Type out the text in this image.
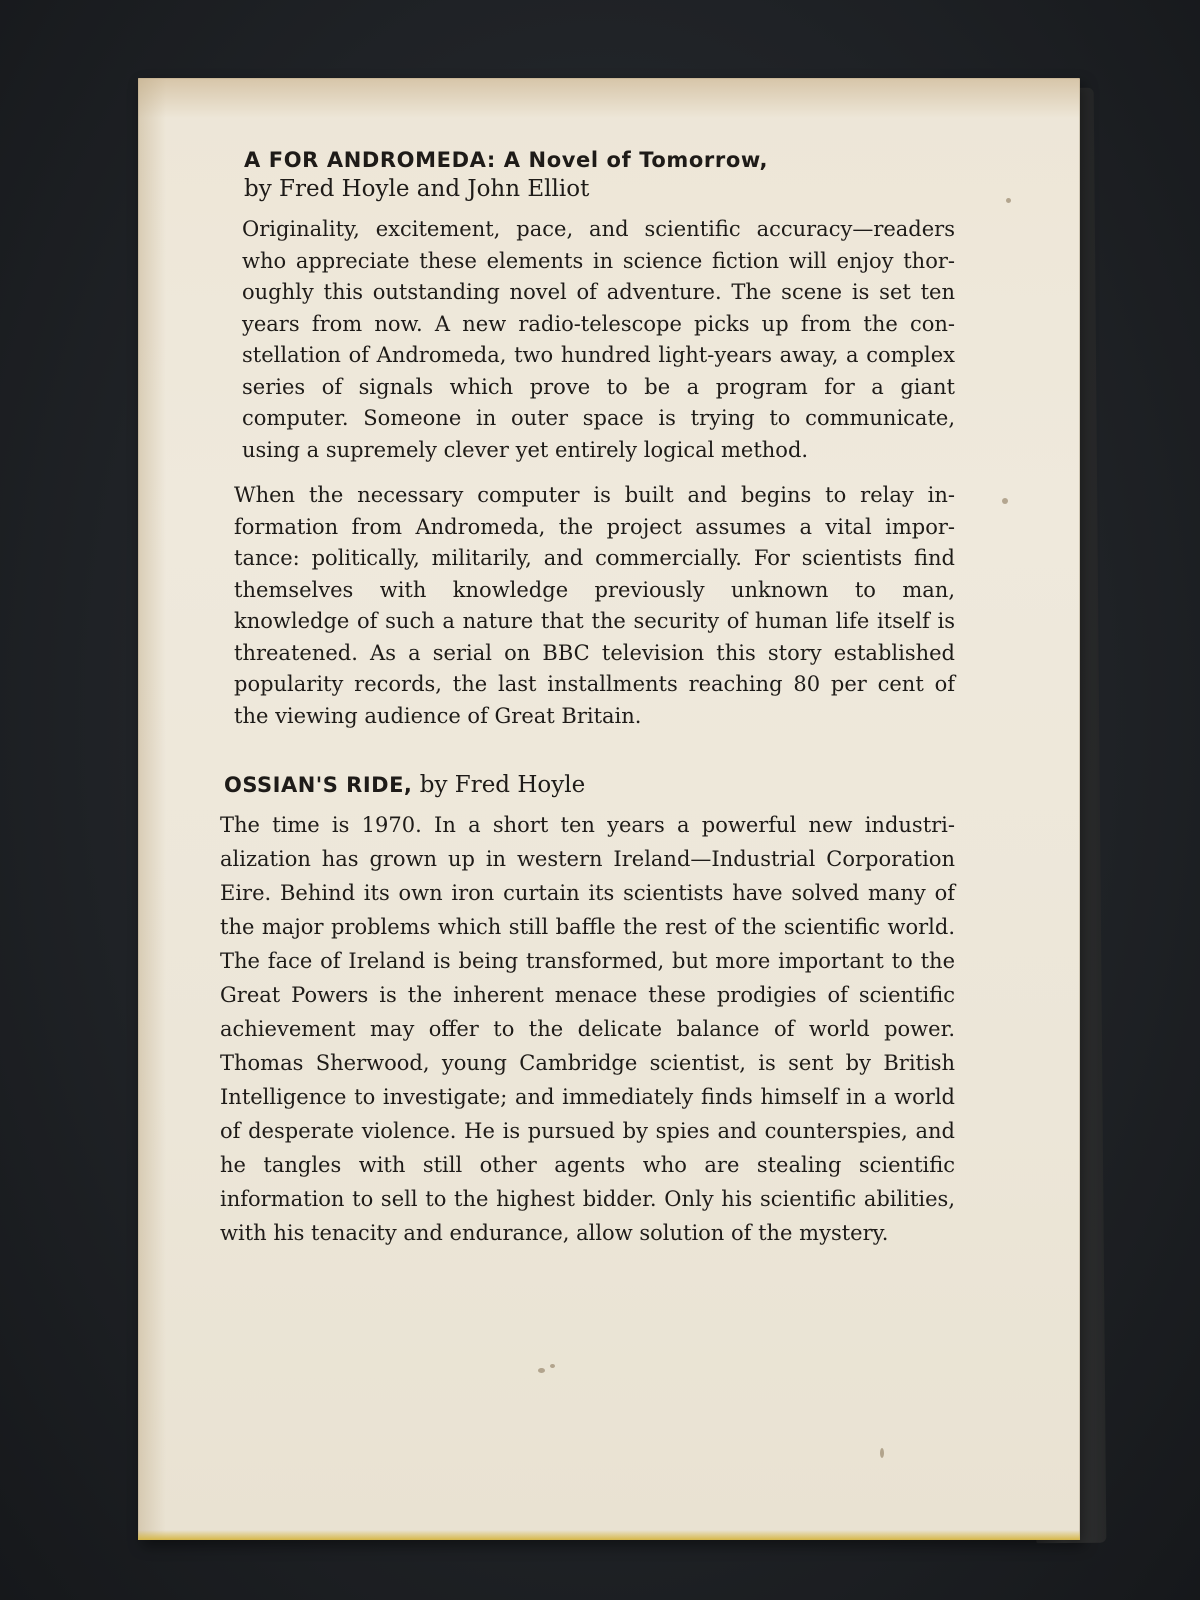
A FOR ANDROMEDA: A Novel of Tomorrow,
by Fred Hoyle and John Elliot

Originality, excitement, pace, and scientific accuracy—readers who appreciate these elements in science fiction will enjoy thoroughly this outstanding novel of adventure. The scene is set ten years from now. A new radio-telescope picks up from the constellation of Andromeda, two hundred light-years away, a complex series of signals which prove to be a program for a giant computer. Someone in outer space is trying to communicate, using a supremely clever yet entirely logical method.

When the necessary computer is built and begins to relay information from Andromeda, the project assumes a vital importance: politically, militarily, and commercially. For scientists find themselves with knowledge previously unknown to man, knowledge of such a nature that the security of human life itself is threatened. As a serial on BBC television this story established popularity records, the last installments reaching 80 per cent of the viewing audience of Great Britain.

OSSIAN'S RIDE, by Fred Hoyle

The time is 1970. In a short ten years a powerful new industrialization has grown up in western Ireland—Industrial Corporation Eire. Behind its own iron curtain its scientists have solved many of the major problems which still baffle the rest of the scientific world. The face of Ireland is being transformed, but more important to the Great Powers is the inherent menace these prodigies of scientific achievement may offer to the delicate balance of world power. Thomas Sherwood, young Cambridge scientist, is sent by British Intelligence to investigate; and immediately finds himself in a world of desperate violence. He is pursued by spies and counterspies, and he tangles with still other agents who are stealing scientific information to sell to the highest bidder. Only his scientific abilities, with his tenacity and endurance, allow solution of the mystery.
